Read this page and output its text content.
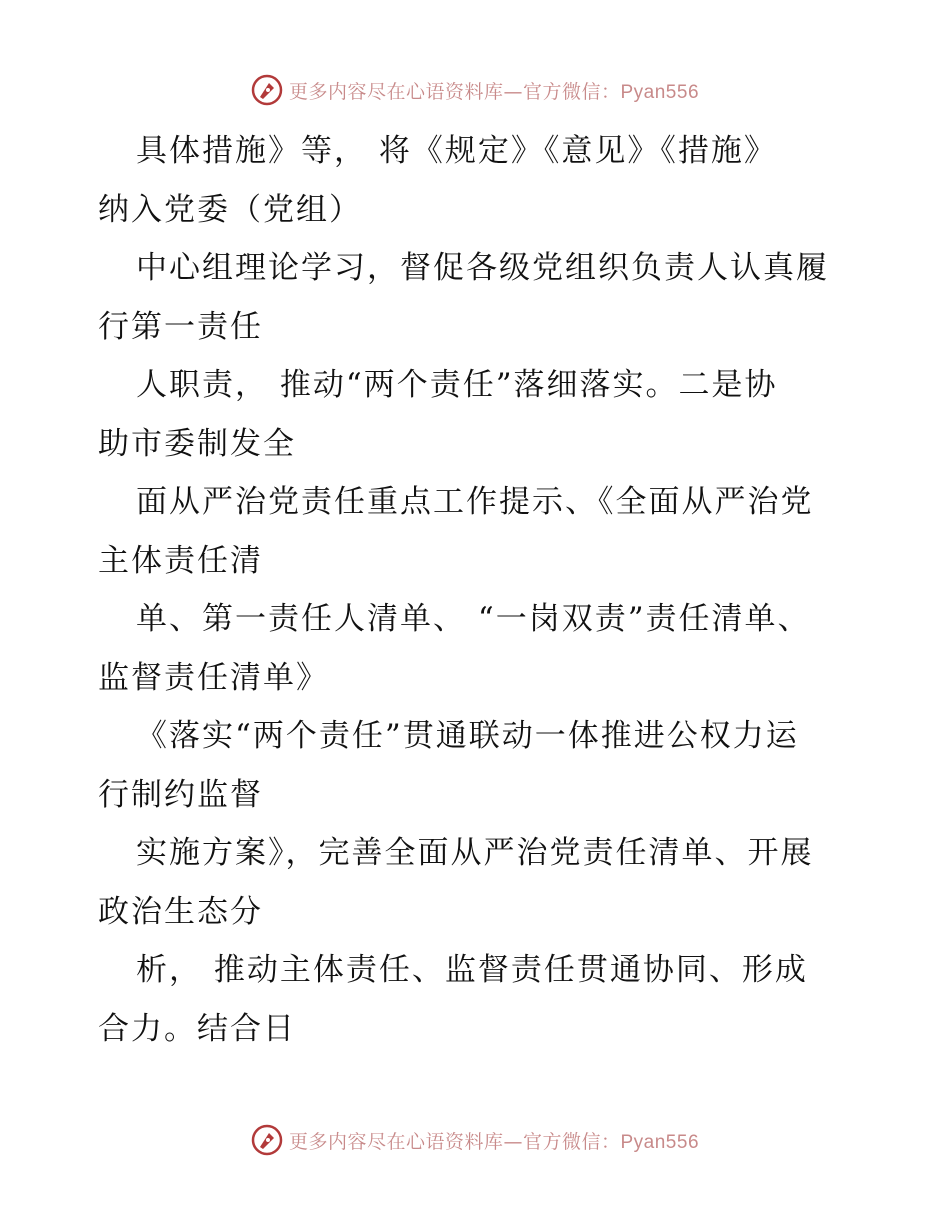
更多内容尽在心语资料库—官方微信：Pyan556
具体措施》等， 将《规定》《意见》《措施》
纳入党委（党组）
中心组理论学习，督促各级党组织负责人认真履
行第一责任
人职责， 推动“两个责任”落细落实。二是协
助市委制发全
面从严治党责任重点工作提示、《全面从严治党
主体责任清
单、第一责任人清单、 “一岗双责”责任清单、
监督责任清单》
《落实“两个责任”贯通联动一体推进公权力运
行制约监督
实施方案》，完善全面从严治党责任清单、开展
政治生态分
析， 推动主体责任、监督责任贯通协同、形成
合力。结合日
更多内容尽在心语资料库—官方微信：Pyan556
